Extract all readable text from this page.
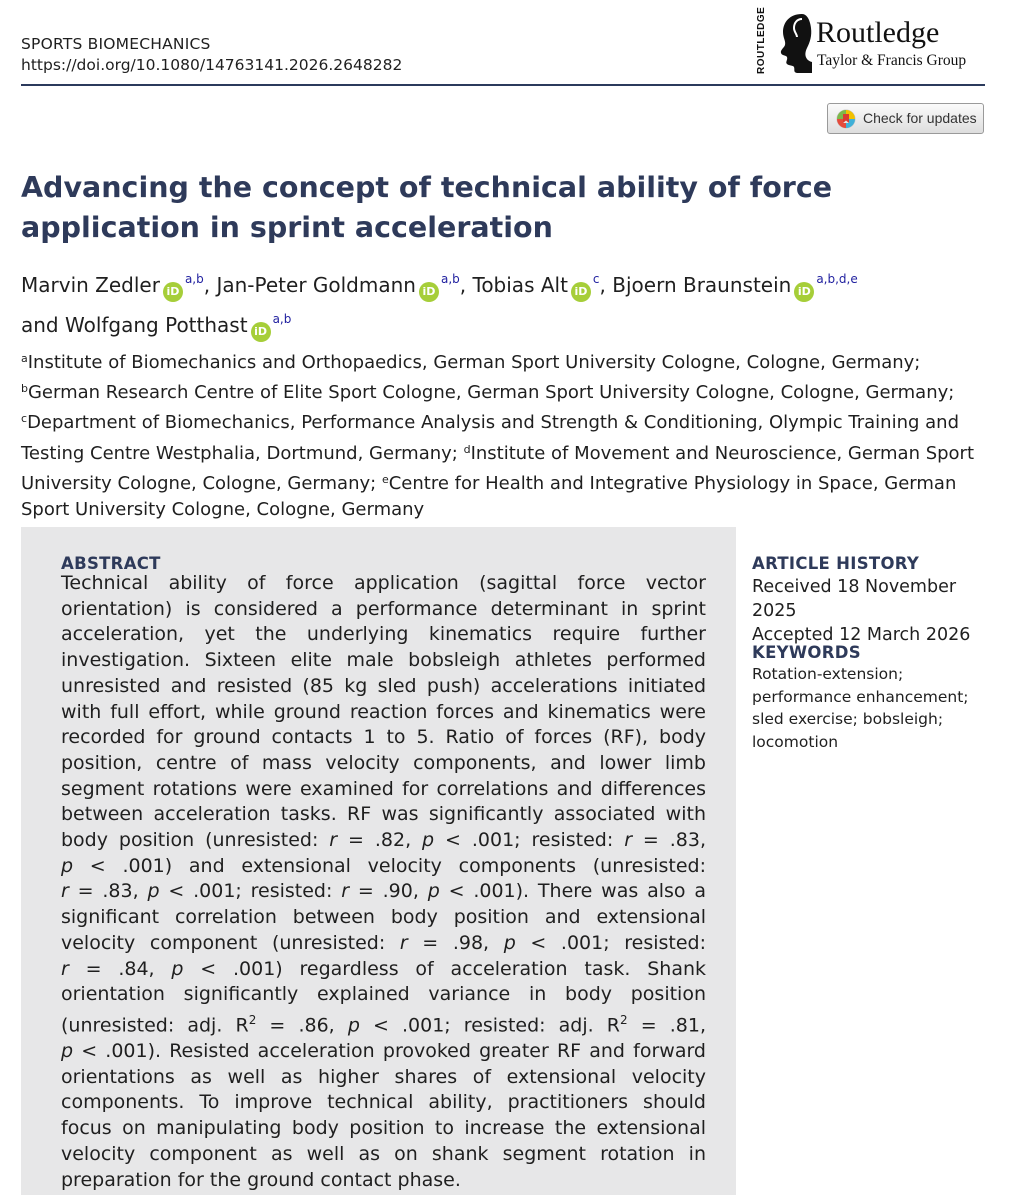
SPORTS BIOMECHANICS
https://doi.org/10.1080/14763141.2026.2648282	ROUTLEDGE Routledge
Taylor & Francis Group
Check for updates
Advancing the concept of technical ability of force application in sprint acceleration
Marvin Zedler iD$^{a,b}$, Jan-Peter Goldmann iD$^{a,b}$, Tobias Alt iD$^c$, Bjoern Braunstein iD$^{a,b,d,e}$
and Wolfgang Potthast iD$^{a,b}$
$^a$Institute of Biomechanics and Orthopaedics, German Sport University Cologne, Cologne, Germany; $^b$German Research Centre of Elite Sport Cologne, German Sport University Cologne, Cologne, Germany; $^c$Department of Biomechanics, Performance Analysis and Strength & Conditioning, Olympic Training and Testing Centre Westphalia, Dortmund, Germany; $^d$Institute of Movement and Neuroscience, German Sport University Cologne, Cologne, Germany; $^e$Centre for Health and Integrative Physiology in Space, German Sport University Cologne, Cologne, Germany
ABSTRACT

Technical ability of force application (sagittal force vector orientation) is considered a performance determinant in sprint acceleration, yet the underlying kinematics require further investigation. Sixteen elite male bobsleigh athletes performed unresisted and resisted (85 kg sled push) accelerations initiated with full effort, while ground reaction forces and kinematics were recorded for ground contacts 1 to 5. Ratio of forces (RF), body position, centre of mass velocity components, and lower limb segment rotations were examined for correlations and differences between acceleration tasks. RF was significantly associated with body position (unresisted: r = .82, p < .001; resisted: r = .83, p < .001) and extensional velocity components (unresisted: r = .83, p < .001; resisted: r = .90, p < .001). There was also a significant correlation between body position and extensional velocity component (unresisted: r = .98, p < .001; resisted: r = .84, p < .001) regardless of acceleration task. Shank orientation significantly explained variance in body position (unresisted: adj. $R^2 = .86$, p < .001; resisted: adj. $R^2 = .81$, p < .001). Resisted acceleration provoked greater RF and forward orientations as well as higher shares of extensional velocity components. To improve technical ability, practitioners should focus on manipulating body position to increase the extensional velocity component as well as on shank segment rotation in preparation for the ground contact phase.

ARTICLE HISTORY
Received 18 November 2025
Accepted 12 March 2026
KEYWORDS
Rotation-extension;
performance enhancement;
sled exercise; bobsleigh;
locomotion
